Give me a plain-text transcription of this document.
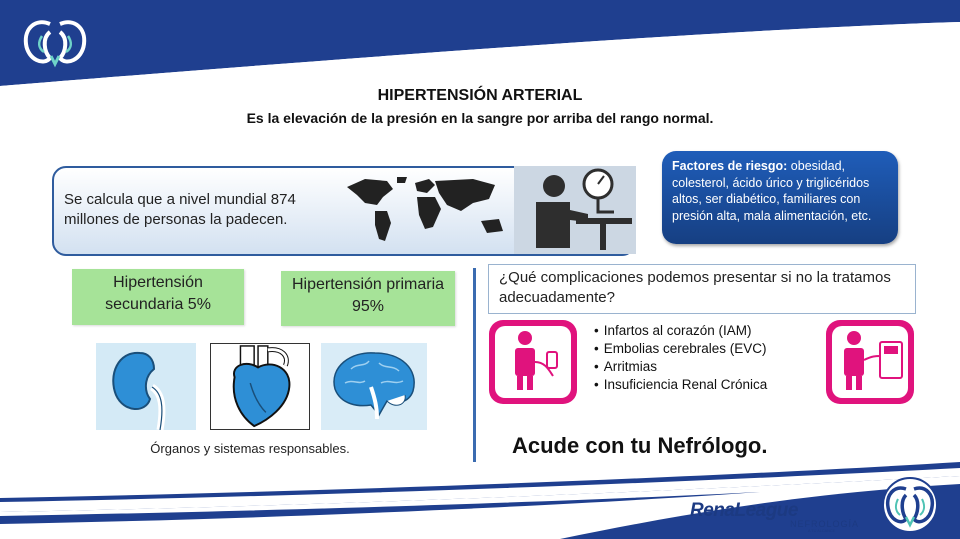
HIPERTENSIÓN ARTERIAL
Es la elevación de la presión en la sangre por arriba del rango normal.
Se calcula que a nivel mundial 874 millones de personas la padecen.
Factores de riesgo: obesidad, colesterol, ácido úrico y triglicéridos altos, ser diabético, familiares con presión alta, mala alimentación, etc.
Hipertensión secundaria 5%
Hipertensión primaria 95%
Órganos y sistemas responsables.
¿Qué complicaciones podemos presentar si no la tratamos adecuadamente?
Diálisis Peritoneal
• Infartos al corazón (IAM)
• Embolias cerebrales (EVC)
• Arritmias
• Insuficiencia Renal Crónica
Hemodiálisis
Acude con tu Nefrólogo.
RenaLeague
NEFROLOGÍA
A TU ALCANCE
